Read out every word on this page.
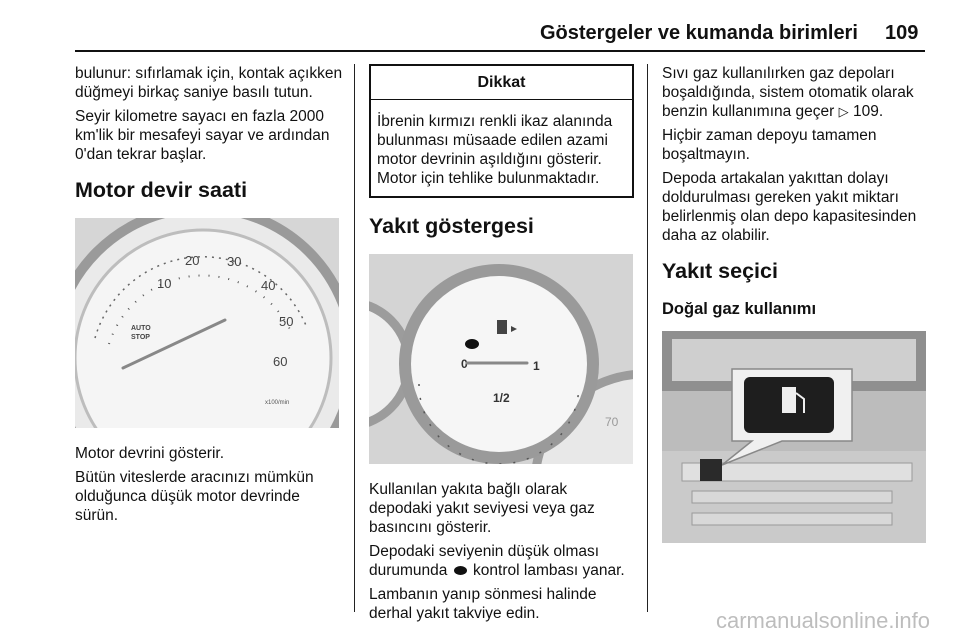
Göstergeler ve kumanda birimleri 109

bulunur: sıfırlamak için, kontak açıkken düğmeyi birkaç saniye basılı tutun.

Seyir kilometre sayacı en fazla 2000 km'lik bir mesafeyi sayar ve ardından 0'dan tekrar başlar.

Motor devir saati
10
20 30
40
50
60
AUTO
STOP
x100/min

Motor devrini gösterir.

Bütün viteslerde aracınızı mümkün olduğunca düşük motor devrinde sürün.

Dikkat
İbrenin kırmızı renkli ikaz alanında bulunması müsaade edilen azami motor devrinin aşıldığını gösterir. Motor için tehlike bulunmaktadır.
Yakıt göstergesi
70
0
1/2
1

Kullanılan yakıta bağlı olarak depodaki yakıt seviyesi veya gaz basıncını gösterir.

Depodaki seviyenin düşük olması durumunda kontrol lambası yanar.

Lambanın yanıp sönmesi halinde derhal yakıt takviye edin.

Sıvı gaz kullanılırken gaz depoları boşaldığında, sistem otomatik olarak benzin kullanımına geçer ▷ 109.

Hiçbir zaman depoyu tamamen boşaltmayın.

Depoda artakalan yakıttan dolayı doldurulması gereken yakıt miktarı belirlenmiş olan depo kapasitesinden daha az olabilir.

Yakıt seçici
Doğal gaz kullanımı
carmanualsonline.info
